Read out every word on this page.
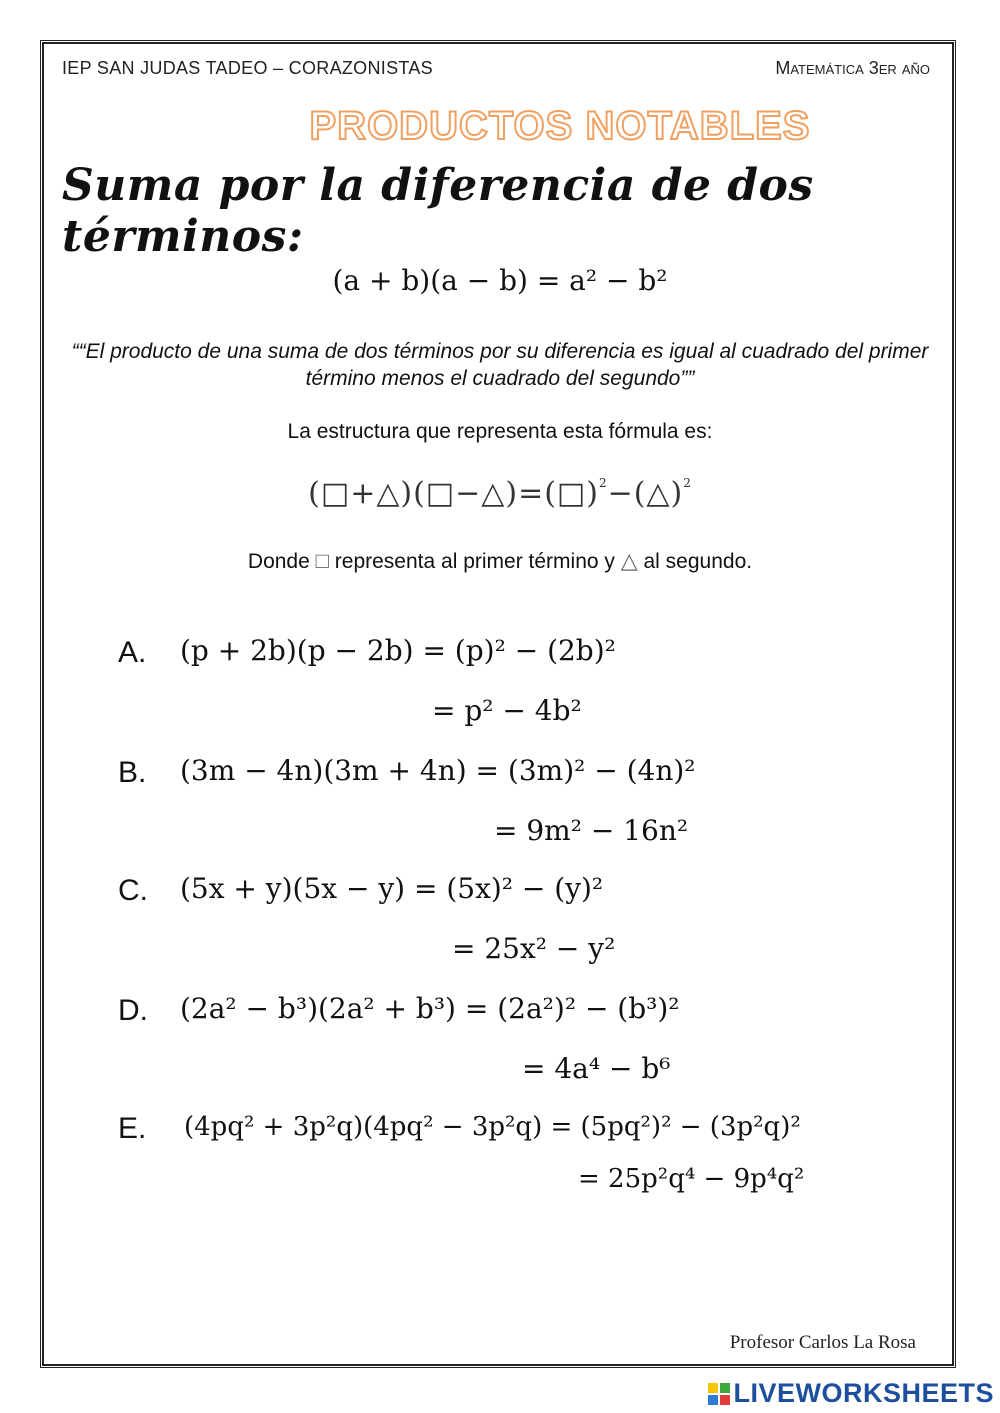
IEP SAN JUDAS TADEO – CORAZONISTAS	Matemática 3er año
PRODUCTOS NOTABLES
Suma por la diferencia de dos términos:
(a + b)(a − b) = a² − b²
““El producto de una suma de dos términos por su diferencia es igual al cuadrado del primer término menos el cuadrado del segundo””
La estructura que representa esta fórmula es:
(□+△)(□−△)=(□)$^2$−(△)$^2$
Donde □ representa al primer término y △ al segundo.
A. (p + 2b)(p − 2b) = (p)² − (2b)²
= p² − 4b²
B. (3m − 4n)(3m + 4n) = (3m)² − (4n)²
= 9m² − 16n²
C. (5x + y)(5x − y) = (5x)² − (y)²
= 25x² − y²
D. (2a² − b³)(2a² + b³) = (2a²)² − (b³)²
= 4a⁴ − b⁶
E. (4pq² + 3p²q)(4pq² − 3p²q) = (5pq²)² − (3p²q)²
= 25p²q⁴ − 9p⁴q²
Profesor Carlos La Rosa
LIVEWORKSHEETS
